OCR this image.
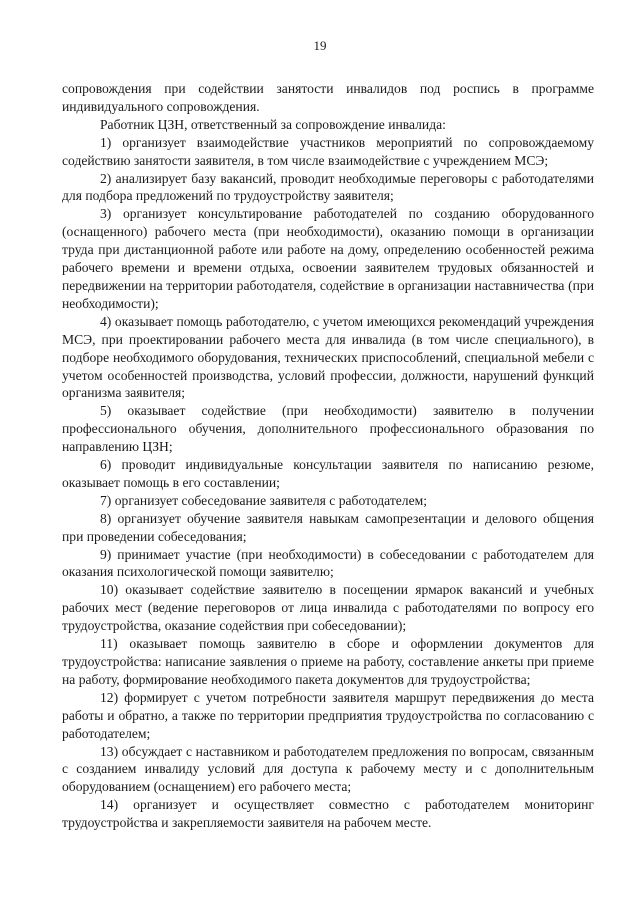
19

сопровождения при содействии занятости инвалидов под роспись в программе индивидуального сопровождения.

Работник ЦЗН, ответственный за сопровождение инвалида:

1) организует взаимодействие участников мероприятий по сопровождаемому содействию занятости заявителя, в том числе взаимодействие с учреждением МСЭ;

2) анализирует базу вакансий, проводит необходимые переговоры с работодателями для подбора предложений по трудоустройству заявителя;

3) организует консультирование работодателей по созданию оборудованного (оснащенного) рабочего места (при необходимости), оказанию помощи в организации труда при дистанционной работе или работе на дому, определению особенностей режима рабочего времени и времени отдыха, освоении заявителем трудовых обязанностей и передвижении на территории работодателя, содействие в организации наставничества (при необходимости);

4) оказывает помощь работодателю, с учетом имеющихся рекомендаций учреждения МСЭ, при проектировании рабочего места для инвалида (в том числе специального), в подборе необходимого оборудования, технических приспособлений, специальной мебели с учетом особенностей производства, условий профессии, должности, нарушений функций организма заявителя;

5) оказывает содействие (при необходимости) заявителю в получении профессионального обучения, дополнительного профессионального образования по направлению ЦЗН;

6) проводит индивидуальные консультации заявителя по написанию резюме, оказывает помощь в его составлении;

7) организует собеседование заявителя с работодателем;

8) организует обучение заявителя навыкам самопрезентации и делового общения при проведении собеседования;

9) принимает участие (при необходимости) в собеседовании с работодателем для оказания психологической помощи заявителю;

10) оказывает содействие заявителю в посещении ярмарок вакансий и учебных рабочих мест (ведение переговоров от лица инвалида с работодателями по вопросу его трудоустройства, оказание содействия при собеседовании);

11) оказывает помощь заявителю в сборе и оформлении документов для трудоустройства: написание заявления о приеме на работу, составление анкеты при приеме на работу, формирование необходимого пакета документов для трудоустройства;

12) формирует с учетом потребности заявителя маршрут передвижения до места работы и обратно, а также по территории предприятия трудоустройства по согласованию с работодателем;

13) обсуждает с наставником и работодателем предложения по вопросам, связанным с созданием инвалиду условий для доступа к рабочему месту и с дополнительным оборудованием (оснащением) его рабочего места;

14) организует и осуществляет совместно с работодателем мониторинг трудоустройства и закрепляемости заявителя на рабочем месте.
